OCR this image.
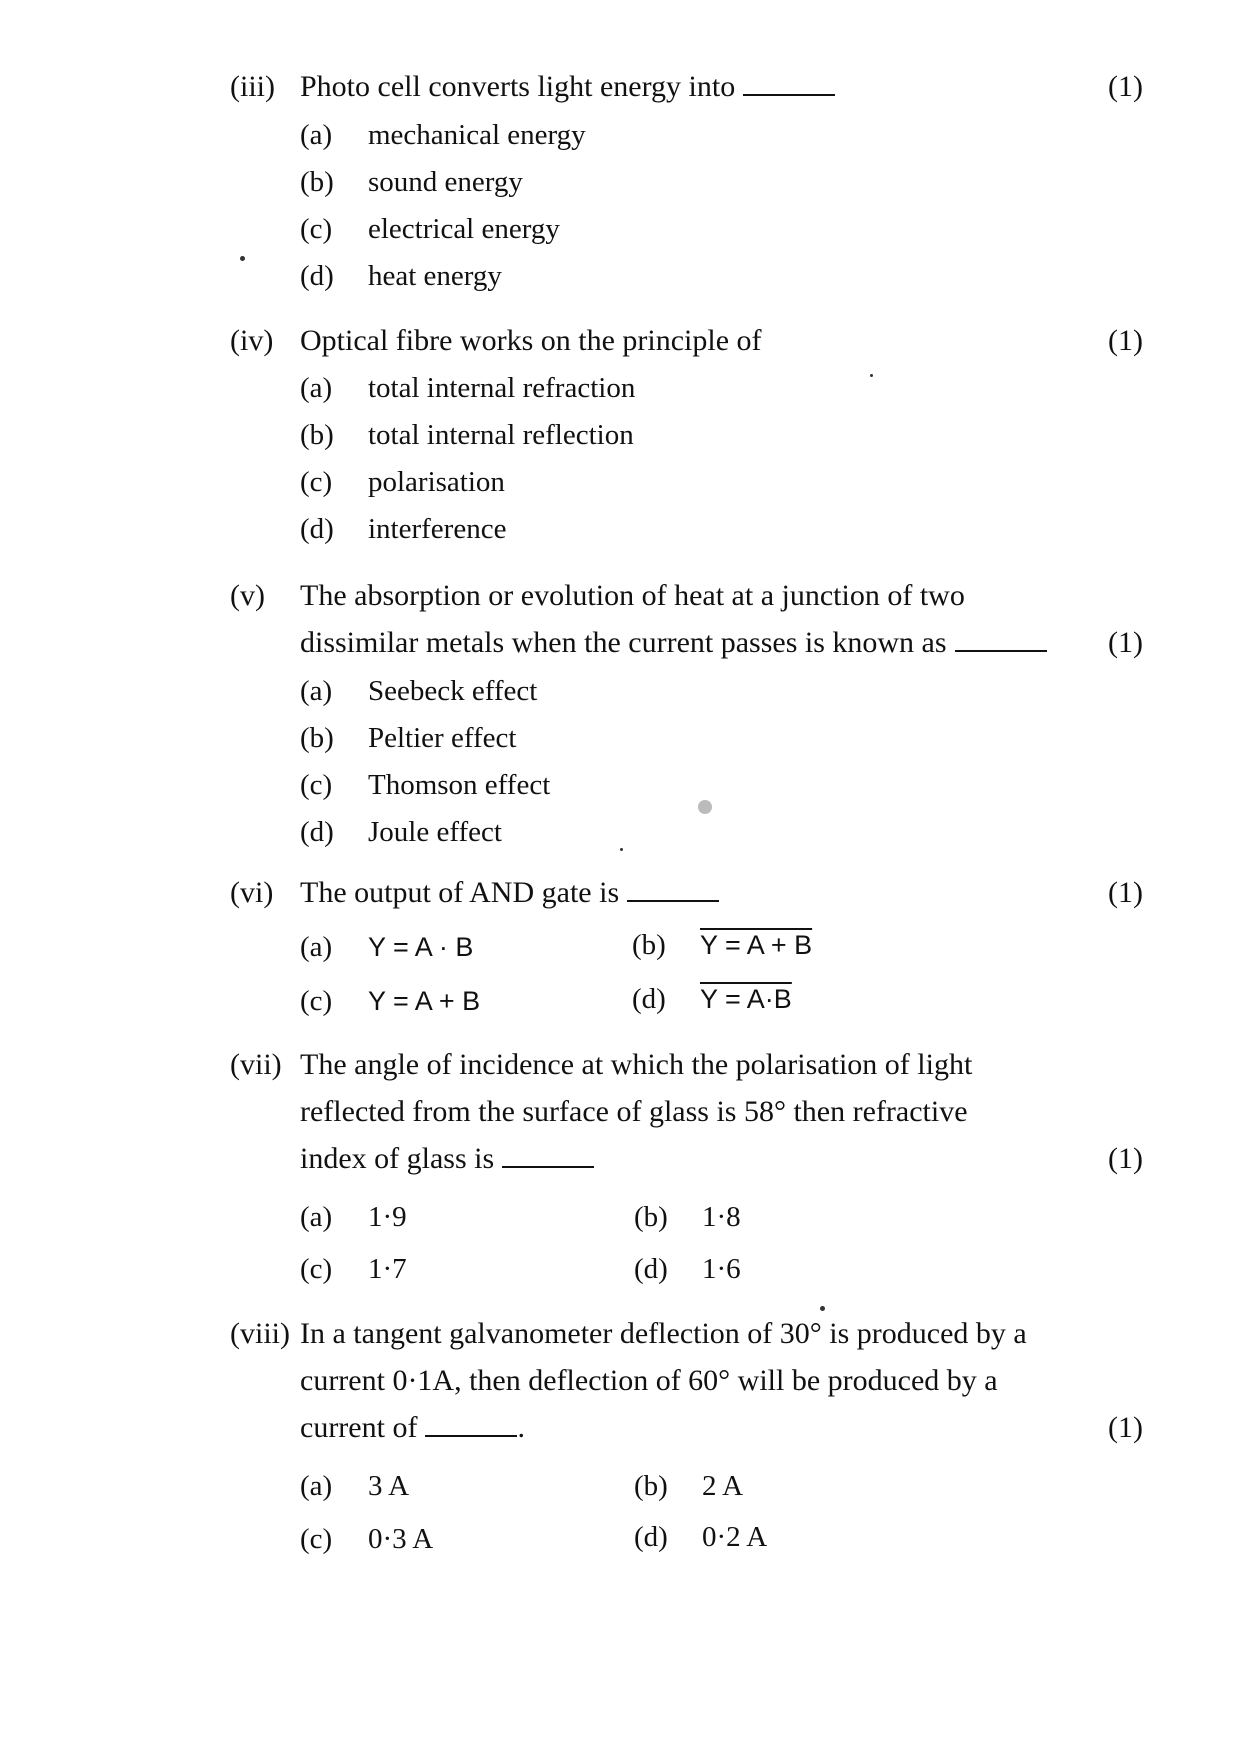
(iii) Photo cell converts light energy into	(1)
(a) mechanical energy
(b) sound energy
(c) electrical energy
(d) heat energy
(iv) Optical fibre works on the principle of	(1)
(a) total internal refraction
(b) total internal reflection
(c) polarisation
(d) interference
(v) The absorption or evolution of heat at a junction of two
dissimilar metals when the current passes is known as	(1)
(a) Seebeck effect
(b) Peltier effect
(c) Thomson effect
(d) Joule effect
(vi) The output of AND gate is	(1)
(a) Y = A · B	(b) Y = A + B
(c) Y = A + B	(d) Y = A·B
(vii) The angle of incidence at which the polarisation of light
reflected from the surface of glass is 58° then refractive
index of glass is	(1)
(a) 1·9	(b) 1·8
(c) 1·7	(d) 1·6
(viii) In a tangent galvanometer deflection of 30° is produced by a
current 0·1A, then deflection of 60° will be produced by a
current of	.	(1)
(a) 3 A	(b) 2 A
(c) 0·3 A	(d) 0·2 A
